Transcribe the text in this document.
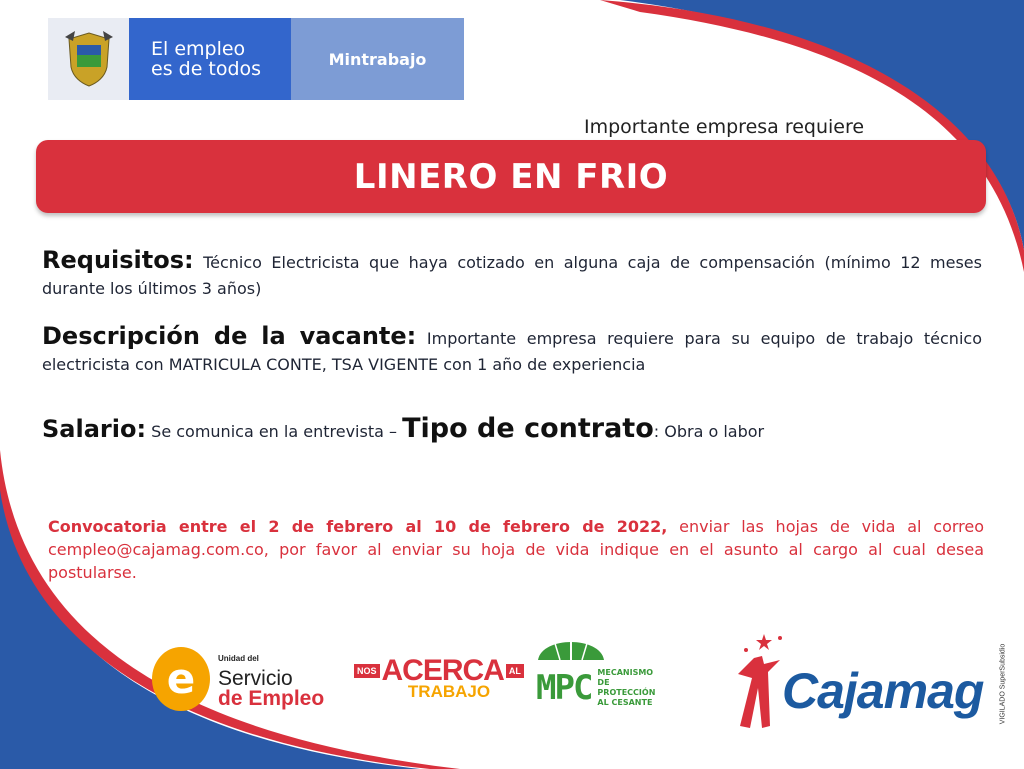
El empleo
es de todos	Mintrabajo
Importante empresa requiere
LINERO EN FRIO
Requisitos: Técnico Electricista que haya cotizado en alguna caja de compensación (mínimo 12 meses durante los últimos 3 años)
Descripción de la vacante: Importante empresa requiere para su equipo de trabajo técnico electricista con MATRICULA CONTE, TSA VIGENTE con 1 año de experiencia
Salario: Se comunica en la entrevista – Tipo de contrato: Obra o labor
Convocatoria entre el 2 de febrero al 10 de febrero de 2022, enviar las hojas de vida al correo cempleo@cajamag.com.co, por favor al enviar su hoja de vida indique en el asunto al cargo al cual desea postularse.
e	Unidad del
Servicio
de Empleo
NOS ACERCA AL
TRABAJO	MPC MECANISMO DE
PROTECCIÓN
AL CESANTE	Cajamag VIGILADO SuperSubsidio
